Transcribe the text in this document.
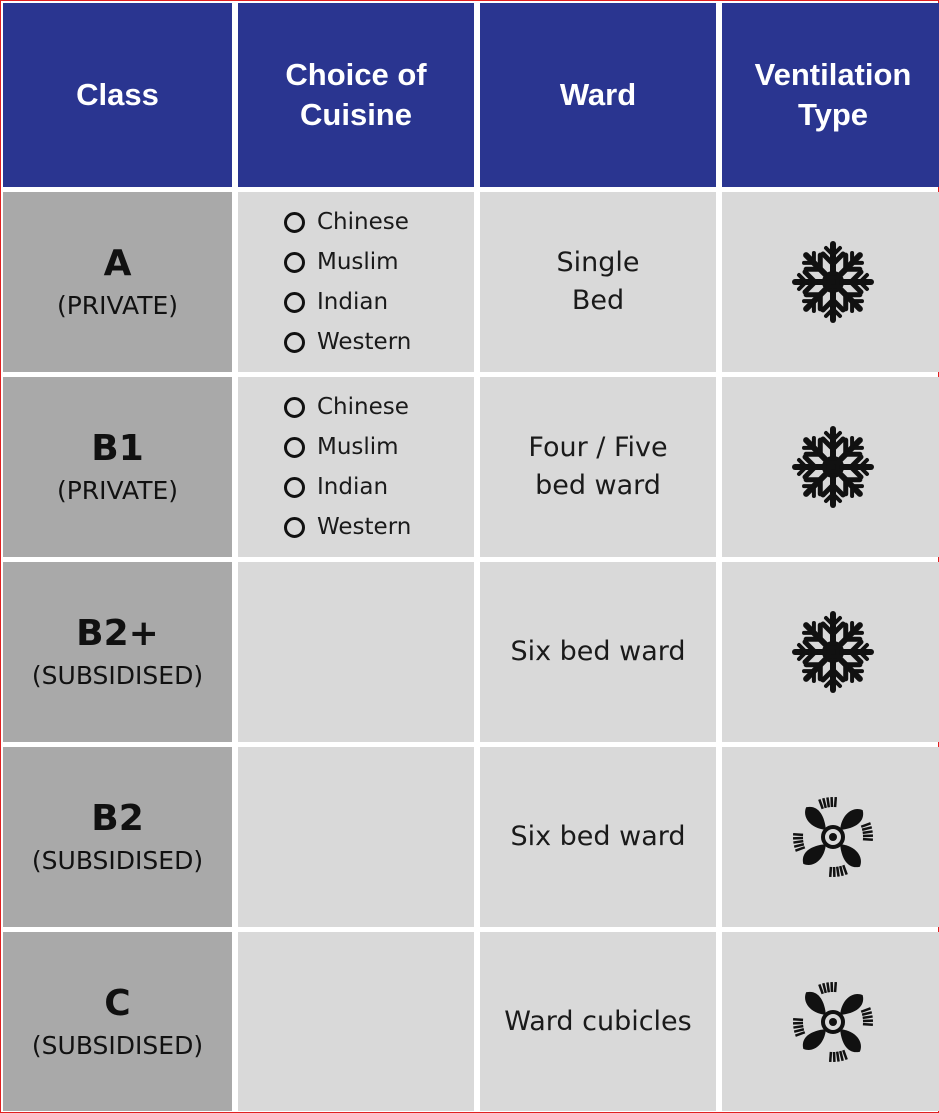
Class
Choice of
Cuisine
Ward
Ventilation
Type
A
(PRIVATE)
Chinese
Muslim
Indian
Western
Single
Bed
B1
(PRIVATE)
Chinese
Muslim
Indian
Western
Four / Five
bed ward
B2+
(SUBSIDISED)
Six bed ward
B2
(SUBSIDISED)
Six bed ward
C
(SUBSIDISED)
Ward cubicles
